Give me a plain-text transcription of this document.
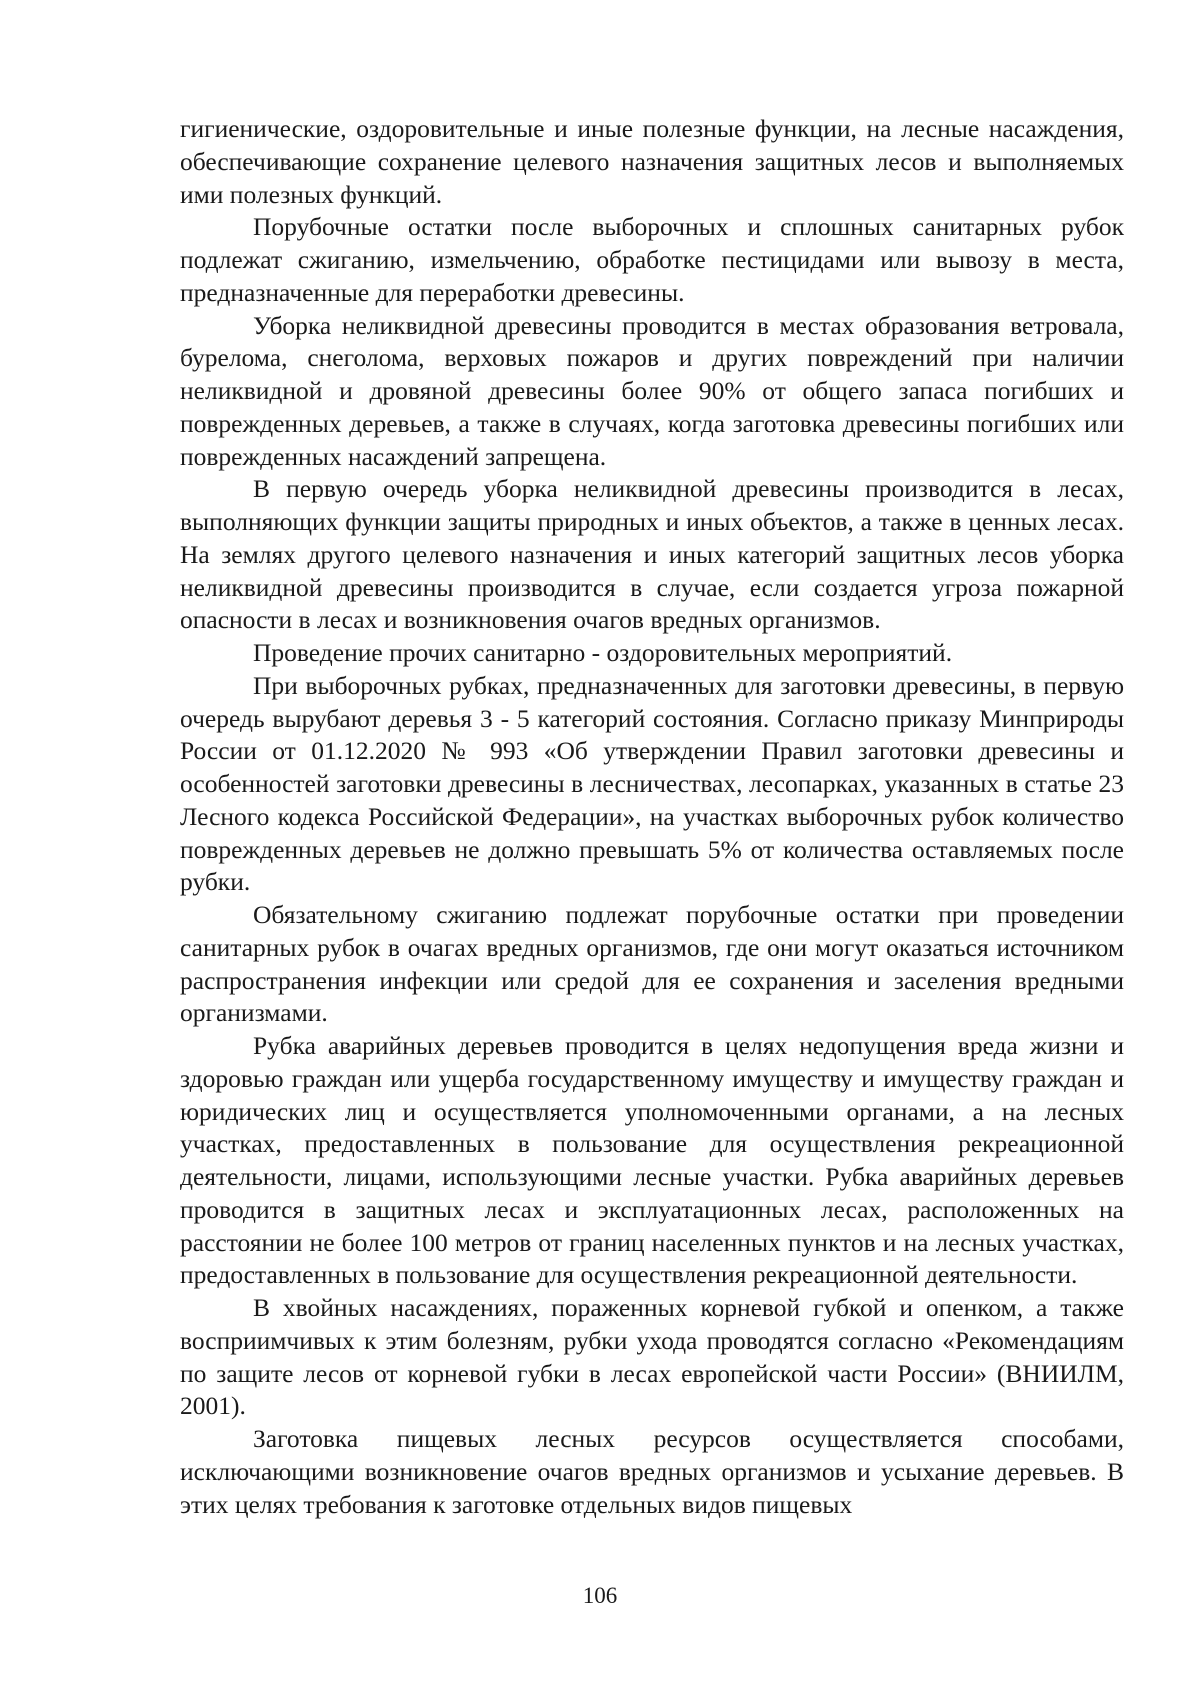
гигиенические, оздоровительные и иные полезные функции, на лесные насаждения, обеспечивающие сохранение целевого назначения защитных лесов и выполняемых ими полезных функций.

Порубочные остатки после выборочных и сплошных санитарных рубок подлежат сжиганию, измельчению, обработке пестицидами или вывозу в места, предназначенные для переработки древесины.

Уборка неликвидной древесины проводится в местах образования ветровала, бурелома, снеголома, верховых пожаров и других повреждений при наличии неликвидной и дровяной древесины более 90% от общего запаса погибших и поврежденных деревьев, а также в случаях, когда заготовка древесины погибших или поврежденных насаждений запрещена.

В первую очередь уборка неликвидной древесины производится в лесах, выполняющих функции защиты природных и иных объектов, а также в ценных лесах. На землях другого целевого назначения и иных категорий защитных лесов уборка неликвидной древесины производится в случае, если создается угроза пожарной опасности в лесах и возникновения очагов вредных организмов.

Проведение прочих санитарно - оздоровительных мероприятий.

При выборочных рубках, предназначенных для заготовки древесины, в первую очередь вырубают деревья 3 - 5 категорий состояния. Согласно приказу Минприроды России от 01.12.2020 № 993 «Об утверждении Правил заготовки древесины и особенностей заготовки древесины в лесничествах, лесопарках, указанных в статье 23 Лесного кодекса Российской Федерации», на участках выборочных рубок количество поврежденных деревьев не должно превышать 5% от количества оставляемых после рубки.

Обязательному сжиганию подлежат порубочные остатки при проведении санитарных рубок в очагах вредных организмов, где они могут оказаться источником распространения инфекции или средой для ее сохранения и заселения вредными организмами.

Рубка аварийных деревьев проводится в целях недопущения вреда жизни и здоровью граждан или ущерба государственному имуществу и имуществу граждан и юридических лиц и осуществляется уполномоченными органами, а на лесных участках, предоставленных в пользование для осуществления рекреационной деятельности, лицами, использующими лесные участки. Рубка аварийных деревьев проводится в защитных лесах и эксплуатационных лесах, расположенных на расстоянии не более 100 метров от границ населенных пунктов и на лесных участках, предоставленных в пользование для осуществления рекреационной деятельности.

В хвойных насаждениях, пораженных корневой губкой и опенком, а также восприимчивых к этим болезням, рубки ухода проводятся согласно «Рекомендациям по защите лесов от корневой губки в лесах европейской части России» (ВНИИЛМ, 2001).

Заготовка пищевых лесных ресурсов осуществляется способами, исключающими возникновение очагов вредных организмов и усыхание деревьев. В этих целях требования к заготовке отдельных видов пищевых

106
